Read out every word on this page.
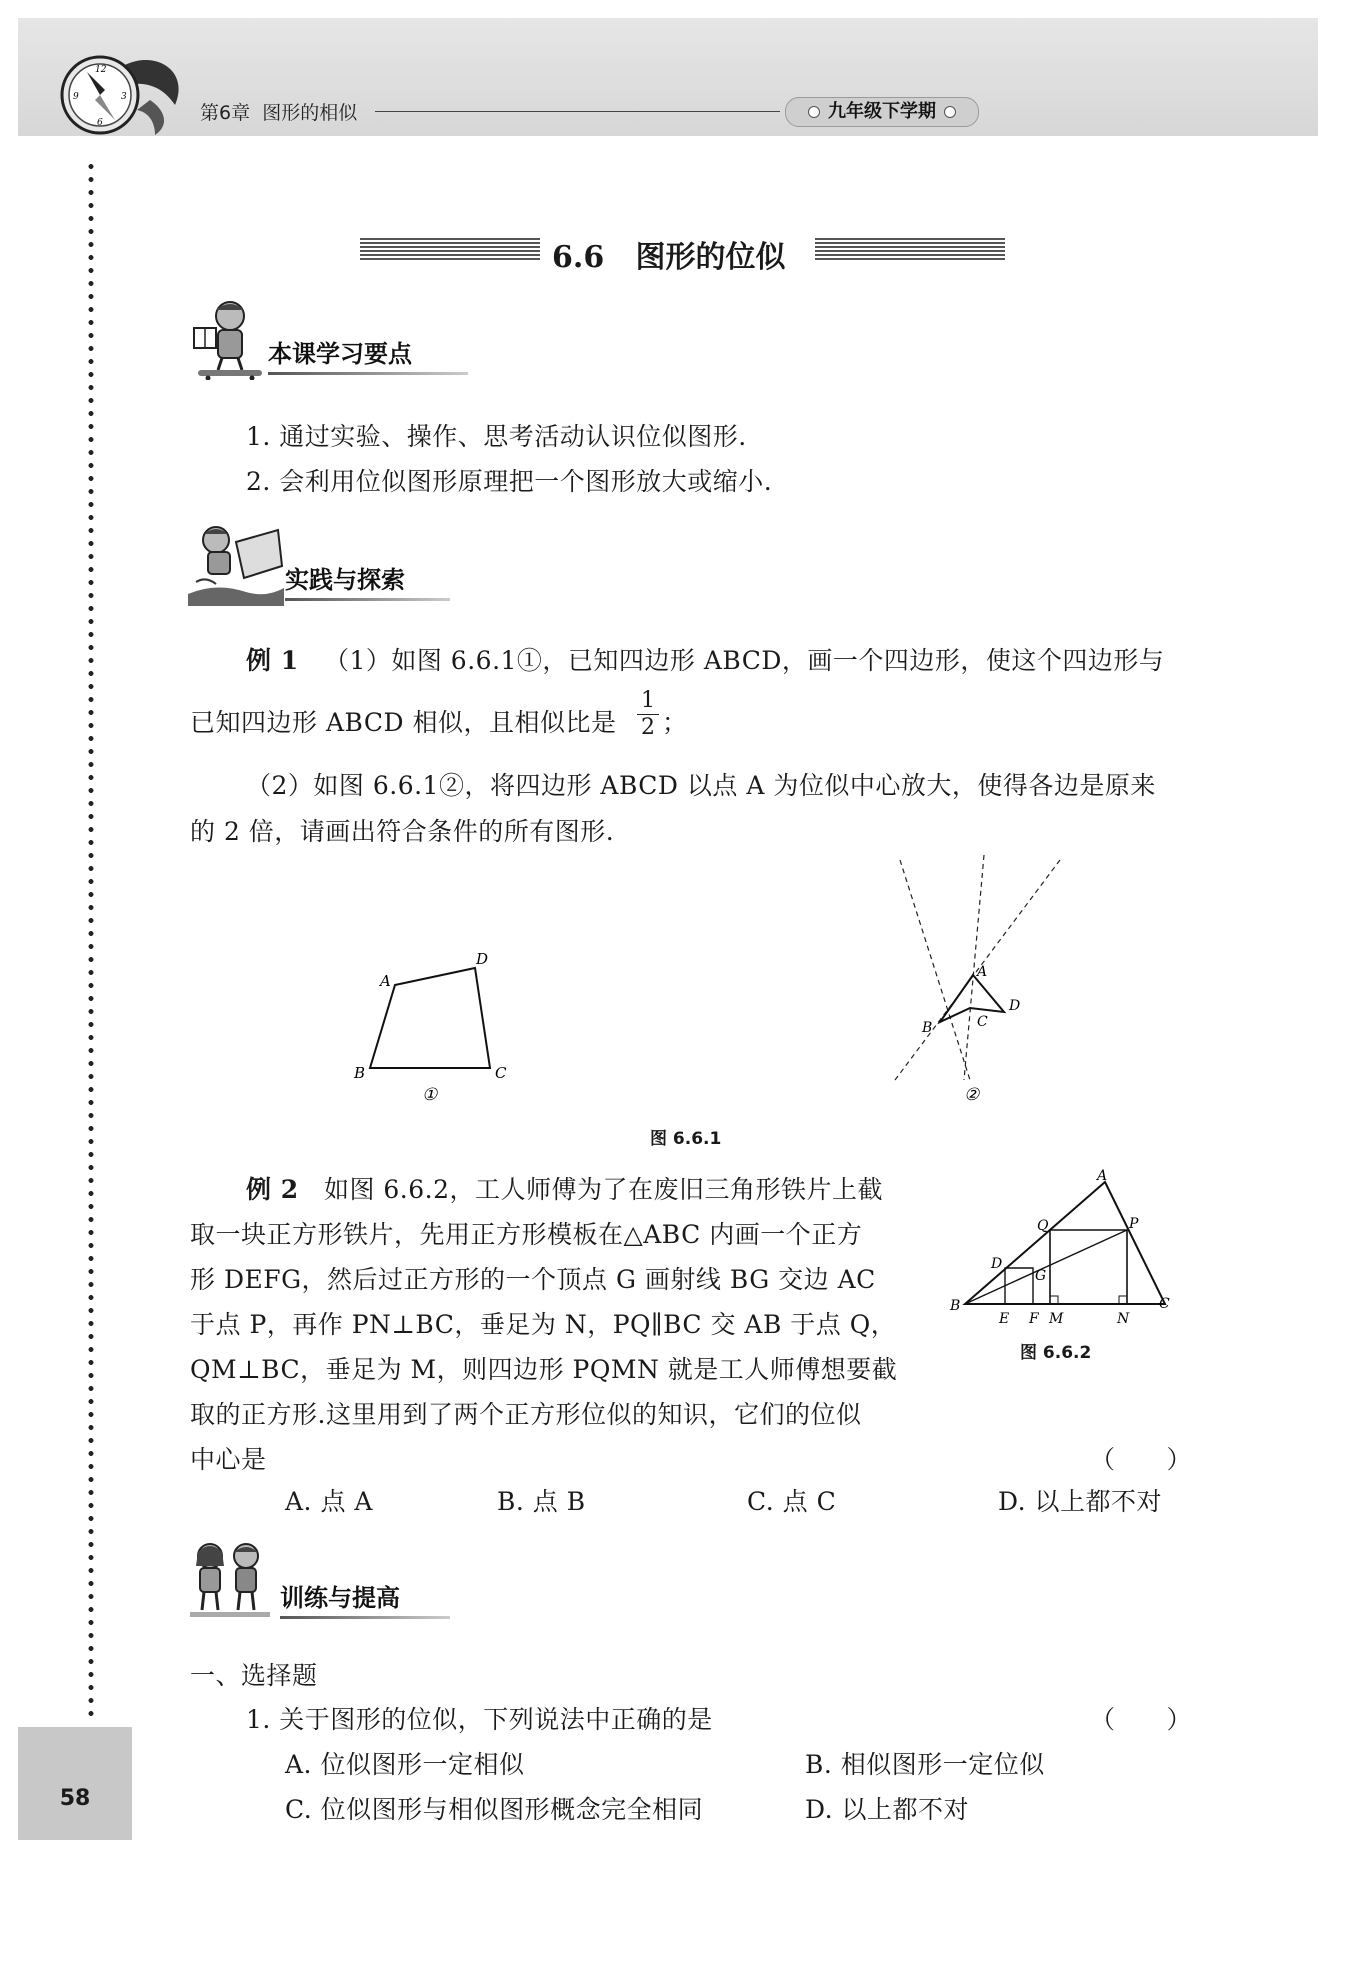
12
3
6
9
第6章 图形的相似	九年级下学期
58
6.6 图形的位似
本课学习要点
1. 通过实验、操作、思考活动认识位似图形.
2. 会利用位似图形原理把一个图形放大或缩小.
实践与探索
例 1 （1）如图 6.6.1①，已知四边形 ABCD，画一个四边形，使这个四边形与
已知四边形 ABCD 相似，且相似比是 $\frac{1}{2}$ ；
（2）如图 6.6.1②，将四边形 ABCD 以点 A 为位似中心放大，使得各边是原来
的 2 倍，请画出符合条件的所有图形.
A
D
B	C
①
A
B	C
D
②
图 6.6.1
例 2 如图 6.6.2，工人师傅为了在废旧三角形铁片上截
取一块正方形铁片，先用正方形模板在△ABC 内画一个正方
形 DEFG，然后过正方形的一个顶点 G 画射线 BG 交边 AC
于点 P，再作 PN⊥BC，垂足为 N，PQ∥BC 交 AB 于点 Q，
QM⊥BC，垂足为 M，则四边形 PQMN 就是工人师傅想要截
取的正方形.这里用到了两个正方形位似的知识，它们的位似
中心是	（　　）
A. 点 A	B. 点 B	C. 点 C	D. 以上都不对
A
Q	P
D
G
B
E F M	N
C
图 6.6.2
训练与提高
一、选择题
1. 关于图形的位似，下列说法中正确的是	（　　）
A. 位似图形一定相似	B. 相似图形一定位似
C. 位似图形与相似图形概念完全相同	D. 以上都不对
